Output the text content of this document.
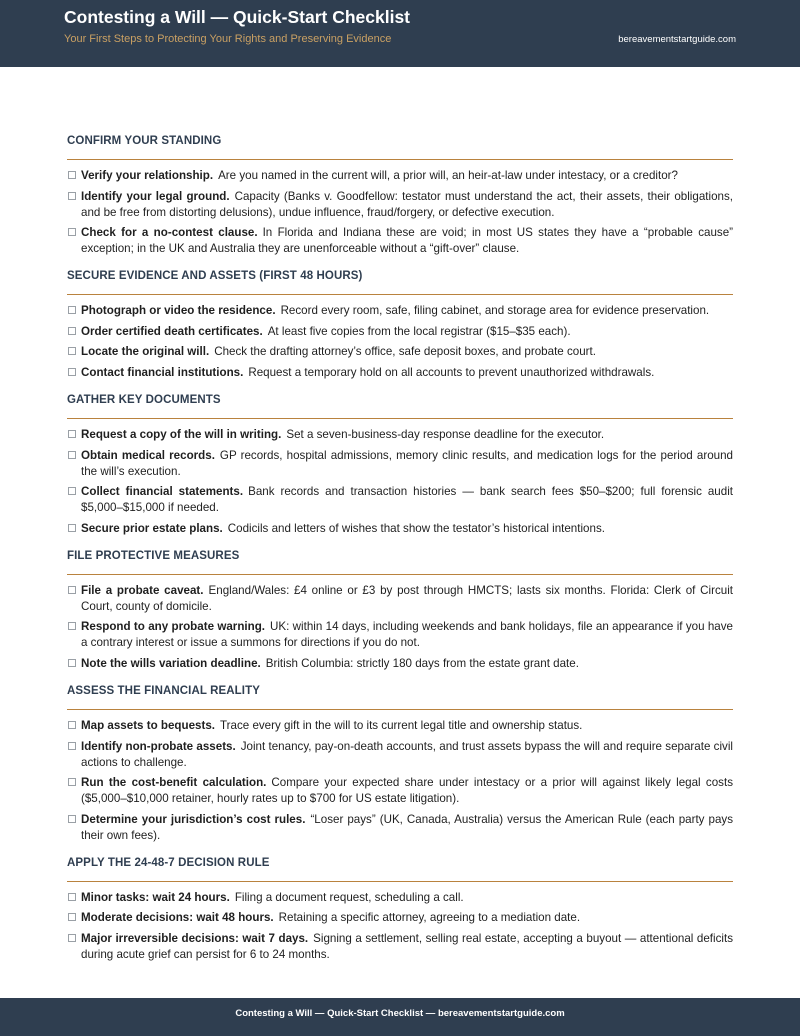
Contesting a Will — Quick-Start Checklist
Your First Steps to Protecting Your Rights and Preserving Evidence	bereavementstartguide.com
CONFIRM YOUR STANDING
Verify your relationship. Are you named in the current will, a prior will, an heir-at-law under intestacy, or a creditor?
Identify your legal ground. Capacity (Banks v. Goodfellow: testator must understand the act, their assets, their obligations, and be free from distorting delusions), undue influence, fraud/forgery, or defective execution.
Check for a no-contest clause. In Florida and Indiana these are void; in most US states they have a “probable cause” exception; in the UK and Australia they are unenforceable without a “gift-over” clause.
SECURE EVIDENCE AND ASSETS (FIRST 48 HOURS)
Photograph or video the residence. Record every room, safe, filing cabinet, and storage area for evidence preservation.
Order certified death certificates. At least five copies from the local registrar ($15–$35 each).
Locate the original will. Check the drafting attorney’s office, safe deposit boxes, and probate court.
Contact financial institutions. Request a temporary hold on all accounts to prevent unauthorized withdrawals.
GATHER KEY DOCUMENTS
Request a copy of the will in writing. Set a seven-business-day response deadline for the executor.
Obtain medical records. GP records, hospital admissions, memory clinic results, and medication logs for the period around the will’s execution.
Collect financial statements. Bank records and transaction histories — bank search fees $50–$200; full forensic audit $5,000–$15,000 if needed.
Secure prior estate plans. Codicils and letters of wishes that show the testator’s historical intentions.
FILE PROTECTIVE MEASURES
File a probate caveat. England/Wales: £4 online or £3 by post through HMCTS; lasts six months. Florida: Clerk of Circuit Court, county of domicile.
Respond to any probate warning. UK: within 14 days, including weekends and bank holidays, file an appearance if you have a contrary interest or issue a summons for directions if you do not.
Note the wills variation deadline. British Columbia: strictly 180 days from the estate grant date.
ASSESS THE FINANCIAL REALITY
Map assets to bequests. Trace every gift in the will to its current legal title and ownership status.
Identify non-probate assets. Joint tenancy, pay-on-death accounts, and trust assets bypass the will and require separate civil actions to challenge.
Run the cost-benefit calculation. Compare your expected share under intestacy or a prior will against likely legal costs ($5,000–$10,000 retainer, hourly rates up to $700 for US estate litigation).
Determine your jurisdiction’s cost rules. “Loser pays” (UK, Canada, Australia) versus the American Rule (each party pays their own fees).
APPLY THE 24-48-7 DECISION RULE
Minor tasks: wait 24 hours. Filing a document request, scheduling a call.
Moderate decisions: wait 48 hours. Retaining a specific attorney, agreeing to a mediation date.
Major irreversible decisions: wait 7 days. Signing a settlement, selling real estate, accepting a buyout — attentional deficits during acute grief can persist for 6 to 24 months.
Contesting a Will — Quick-Start Checklist — bereavementstartguide.com
